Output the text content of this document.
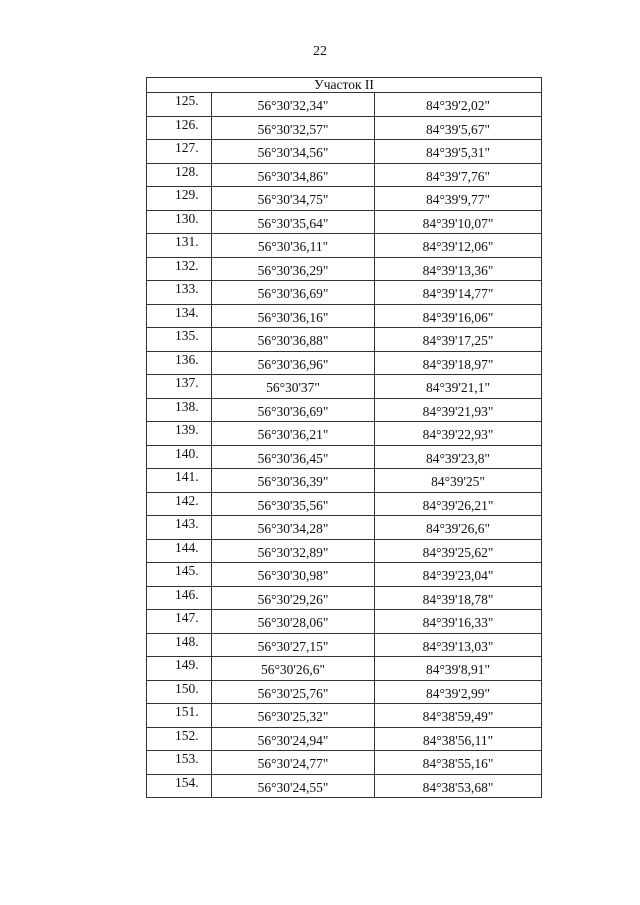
22
Участок II		
125.	56°30'32,34"	84°39'2,02"
126.	56°30'32,57"	84°39'5,67"
127.	56°30'34,56"	84°39'5,31"
128.	56°30'34,86"	84°39'7,76"
129.	56°30'34,75"	84°39'9,77"
130.	56°30'35,64"	84°39'10,07"
131.	56°30'36,11"	84°39'12,06"
132.	56°30'36,29"	84°39'13,36"
133.	56°30'36,69"	84°39'14,77"
134.	56°30'36,16"	84°39'16,06"
135.	56°30'36,88"	84°39'17,25"
136.	56°30'36,96"	84°39'18,97"
137.	56°30'37"	84°39'21,1"
138.	56°30'36,69"	84°39'21,93"
139.	56°30'36,21"	84°39'22,93"
140.	56°30'36,45"	84°39'23,8"
141.	56°30'36,39"	84°39'25"
142.	56°30'35,56"	84°39'26,21"
143.	56°30'34,28"	84°39'26,6"
144.	56°30'32,89"	84°39'25,62"
145.	56°30'30,98"	84°39'23,04"
146.	56°30'29,26"	84°39'18,78"
147.	56°30'28,06"	84°39'16,33"
148.	56°30'27,15"	84°39'13,03"
149.	56°30'26,6"	84°39'8,91"
150.	56°30'25,76"	84°39'2,99"
151.	56°30'25,32"	84°38'59,49"
152.	56°30'24,94"	84°38'56,11"
153.	56°30'24,77"	84°38'55,16"
154.	56°30'24,55"	84°38'53,68"
